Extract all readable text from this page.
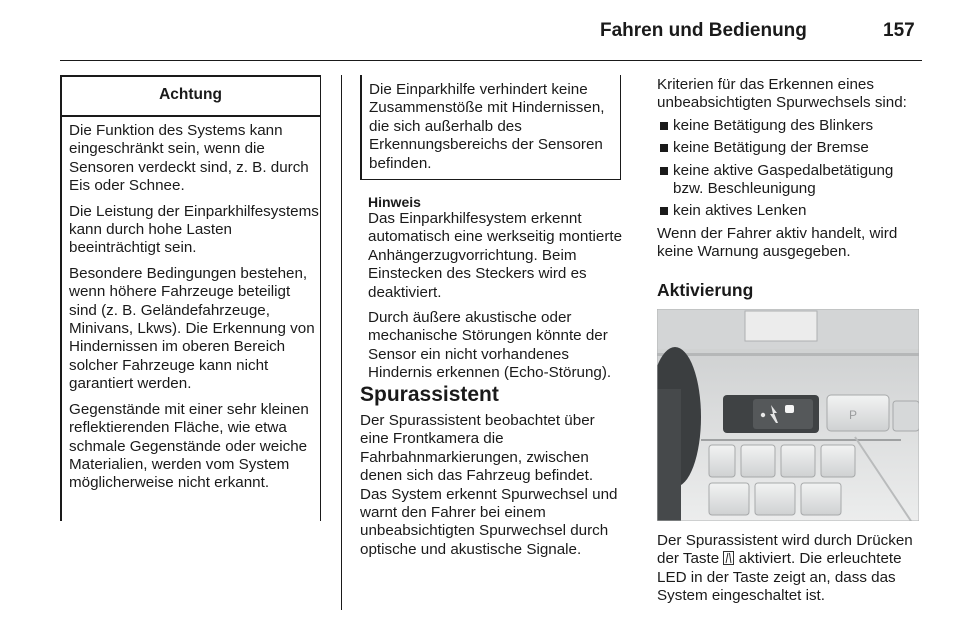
Fahren und Bedienung	157
Achtung

Die Funktion des Systems kann eingeschränkt sein, wenn die Sensoren verdeckt sind, z. B. durch Eis oder Schnee.

Die Leistung der Einparkhilfesystems kann durch hohe Lasten beeinträchtigt sein.

Besondere Bedingungen bestehen, wenn höhere Fahrzeuge beteiligt sind (z. B. Geländefahrzeuge, Minivans, Lkws). Die Erkennung von Hindernissen im oberen Bereich solcher Fahrzeuge kann nicht garantiert werden.

Gegenstände mit einer sehr kleinen reflektierenden Fläche, wie etwa schmale Gegenstände oder weiche Materialien, werden vom System möglicherweise nicht erkannt.

Die Einparkhilfe verhindert keine Zusammenstöße mit Hindernissen, die sich außerhalb des Erkennungsbereichs der Sensoren befinden.

Hinweis

Das Einparkhilfesystem erkennt automatisch eine werkseitig montierte Anhängerzugvorrichtung. Beim Einstecken des Steckers wird es deaktiviert.

Durch äußere akustische oder mechanische Störungen könnte der Sensor ein nicht vorhandenes Hindernis erkennen (Echo-Störung).

Spurassistent

Der Spurassistent beobachtet über eine Frontkamera die Fahrbahnmarkierungen, zwischen denen sich das Fahrzeug befindet. Das System erkennt Spurwechsel und warnt den Fahrer bei einem unbeabsichtigten Spurwechsel durch optische und akustische Signale.

Kriterien für das Erkennen eines unbeabsichtigten Spurwechsels sind:

keine Betätigung des Blinkers
keine Betätigung der Bremse
keine aktive Gaspedalbetätigung bzw. Beschleunigung
kein aktives Lenken

Wenn der Fahrer aktiv handelt, wird keine Warnung ausgegeben.

Aktivierung
P

Der Spurassistent wird durch Drücken der Taste aktiviert. Die erleuchtete LED in der Taste zeigt an, dass das System eingeschaltet ist.
